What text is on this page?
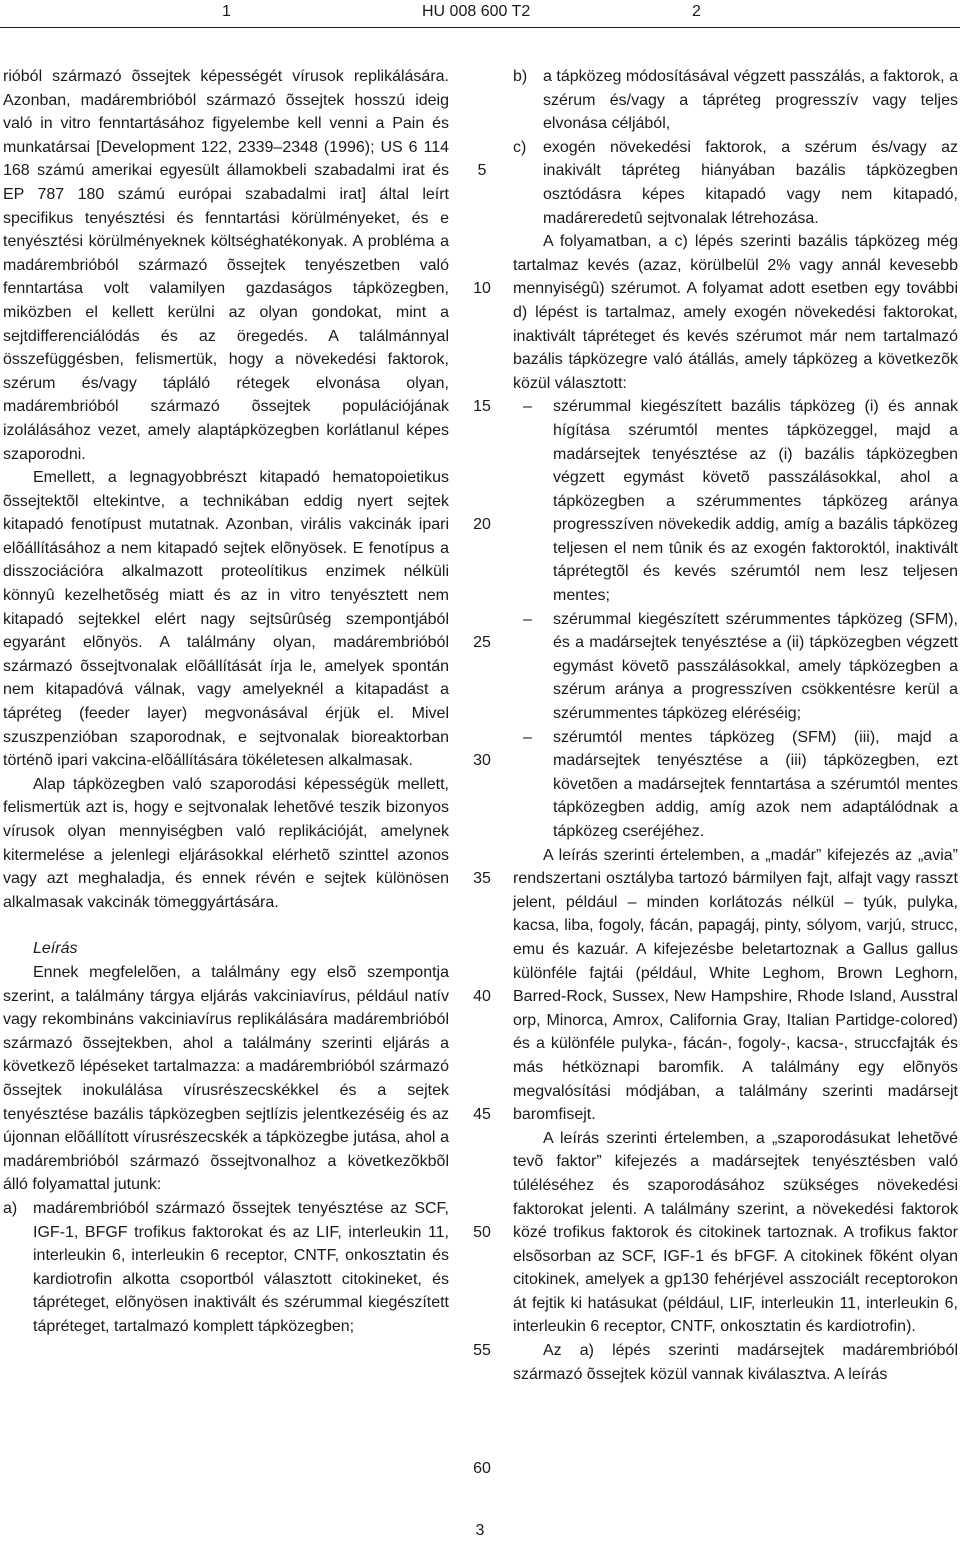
1	HU 008 600 T2	2

rióból származó õssejtek képességét vírusok replikálására. Azonban, madárembrióból származó õssejtek hosszú ideig való in vitro fenntartásához figyelembe kell venni a Pain és munkatársai [Development 122, 2339–2348 (1996); US 6 114 168 számú amerikai egyesült államokbeli szabadalmi irat és EP 787 180 számú európai szabadalmi irat] által leírt specifikus tenyésztési és fenntartási körülményeket, és e tenyésztési körülményeknek költséghatékonyak. A probléma a madárembrióból származó õssejtek tenyészetben való fenntartása volt valamilyen gazdaságos tápközegben, miközben el kellett kerülni az olyan gondokat, mint a sejtdifferenciálódás és az öregedés. A találmánnyal összefüggésben, felismertük, hogy a növekedési faktorok, szérum és/vagy tápláló rétegek elvonása olyan, madárembrióból származó õssejtek populációjának izolálásához vezet, amely alaptápközegben korlátlanul képes szaporodni.

Emellett, a legnagyobbrészt kitapadó hematopoietikus õssejtektõl eltekintve, a technikában eddig nyert sejtek kitapadó fenotípust mutatnak. Azonban, virális vakcinák ipari elõállításához a nem kitapadó sejtek elõnyösek. E fenotípus a disszociációra alkalmazott proteolítikus enzimek nélküli könnyû kezelhetõség miatt és az in vitro tenyésztett nem kitapadó sejtekkel elért nagy sejtsûrûség szempontjából egyaránt elõnyös. A találmány olyan, madárembrióból származó õssejtvonalak elõállítását írja le, amelyek spontán nem kitapadóvá válnak, vagy amelyeknél a kitapadást a tápréteg (feeder layer) megvonásával érjük el. Mivel szuszpenzióban szaporodnak, e sejtvonalak bioreaktorban történõ ipari vakcina-elõállítására tökéletesen alkalmasak.

Alap tápközegben való szaporodási képességük mellett, felismertük azt is, hogy e sejtvonalak lehetõvé teszik bizonyos vírusok olyan mennyiségben való replikációját, amelynek kitermelése a jelenlegi eljárásokkal elérhetõ szinttel azonos vagy azt meghaladja, és ennek révén e sejtek különösen alkalmasak vakcinák tömeggyártására.

Leírás

Ennek megfelelõen, a találmány egy elsõ szempontja szerint, a találmány tárgya eljárás vakciniavírus, például natív vagy rekombináns vakciniavírus replikálására madárembrióból származó õssejtekben, ahol a találmány szerinti eljárás a következõ lépéseket tartalmazza: a madárembrióból származó õssejtek inokulálása vírusrészecskékkel és a sejtek tenyésztése bazális tápközegben sejtlízis jelentkezéséig és az újonnan elõállított vírusrészecskék a tápközegbe jutása, ahol a madárembrióból származó õssejtvonalhoz a következõkbõl álló folyamattal jutunk:

a) madárembrióból származó õssejtek tenyésztése az SCF, IGF-1, BFGF trofikus faktorokat és az LIF, interleukin 11, interleukin 6, interleukin 6 receptor, CNTF, onkosztatin és kardiotrofin alkotta csoportból választott citokineket, és tápréteget, elõnyösen inaktivált és szérummal kiegészített tápréteget, tartalmazó komplett tápközegben;
b) a tápközeg módosításával végzett passzálás, a faktorok, a szérum és/vagy a tápréteg progresszív vagy teljes elvonása céljából,
c) exogén növekedési faktorok, a szérum és/vagy az inakivált tápréteg hiányában bazális tápközegben osztódásra képes kitapadó vagy nem kitapadó, madáreredetû sejtvonalak létrehozása.

A folyamatban, a c) lépés szerinti bazális tápközeg még tartalmaz kevés (azaz, körülbelül 2% vagy annál kevesebb mennyiségû) szérumot. A folyamat adott esetben egy további d) lépést is tartalmaz, amely exogén növekedési faktorokat, inaktivált tápréteget és kevés szérumot már nem tartalmazó bazális tápközegre való átállás, amely tápközeg a következõk közül választott:

– szérummal kiegészített bazális tápközeg (i) és annak hígítása szérumtól mentes tápközeggel, majd a madársejtek tenyésztése az (i) bazális tápközegben végzett egymást követõ passzálásokkal, ahol a tápközegben a szérummentes tápközeg aránya progresszíven növekedik addig, amíg a bazális tápközeg teljesen el nem tûnik és az exogén faktoroktól, inaktivált táprétegtõl és kevés szérumtól nem lesz teljesen mentes;
– szérummal kiegészített szérummentes tápközeg (SFM), és a madársejtek tenyésztése a (ii) tápközegben végzett egymást követõ passzálásokkal, amely tápközegben a szérum aránya a progresszíven csökkentésre kerül a szérummentes tápközeg eléréséig;
– szérumtól mentes tápközeg (SFM) (iii), majd a madársejtek tenyésztése a (iii) tápközegben, ezt követõen a madársejtek fenntartása a szérumtól mentes tápközegben addig, amíg azok nem adaptálódnak a tápközeg cseréjéhez.

A leírás szerinti értelemben, a „madár” kifejezés az „avia” rendszertani osztályba tartozó bármilyen fajt, alfajt vagy rasszt jelent, például – minden korlátozás nélkül – tyúk, pulyka, kacsa, liba, fogoly, fácán, papagáj, pinty, sólyom, varjú, strucc, emu és kazuár. A kifejezésbe beletartoznak a Gallus gallus különféle fajtái (például, White Leghom, Brown Leghorn, Barred-Rock, Sussex, New Hampshire, Rhode Island, Ausstral orp, Minorca, Amrox, California Gray, Italian Partidge-colored) és a különféle pulyka-, fácán-, fogoly-, kacsa-, struccfajták és más hétköznapi baromfik. A találmány egy elõnyös megvalósítási módjában, a találmány szerinti madársejt baromfisejt.

A leírás szerinti értelemben, a „szaporodásukat lehetõvé tevõ faktor” kifejezés a madársejtek tenyésztésben való túléléséhez és szaporodásához szükséges növekedési faktorokat jelenti. A találmány szerint, a növekedési faktorok közé trofikus faktorok és citokinek tartoznak. A trofikus faktor elsõsorban az SCF, IGF-1 és bFGF. A citokinek fõként olyan citokinek, amelyek a gp130 fehérjével asszociált receptorokon át fejtik ki hatásukat (például, LIF, interleukin 11, interleukin 6, interleukin 6 receptor, CNTF, onkosztatin és kardiotrofin).

Az a) lépés szerinti madársejtek madárembrióból származó õssejtek közül vannak kiválasztva. A leírás

5
10
15
20
25
30
35
40
45
50
55
60
3
